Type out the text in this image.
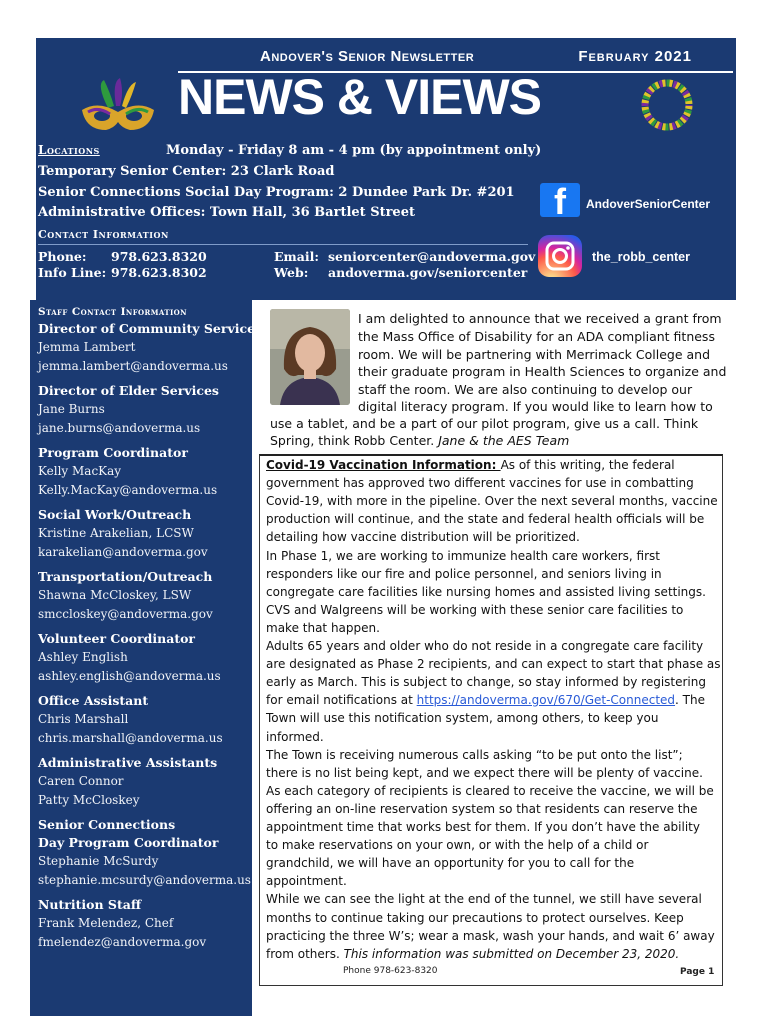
Andover's Senior Newsletter	February 2021
NEWS & VIEWS
Locations	Monday - Friday 8 am - 4 pm (by appointment only)
Temporary Senior Center: 23 Clark Road
Senior Connections Social Day Program: 2 Dundee Park Dr. #201
Administrative Offices: Town Hall, 36 Bartlet Street
Contact Information
Phone: 978.623.8320
Info Line: 978.623.8302
Email: seniorcenter@andoverma.gov
Web: andoverma.gov/seniorcenter
f AndoverSeniorCenter
the_robb_center
Staff Contact Information
Director of Community Services
Jemma Lambert
jemma.lambert@andoverma.us
Director of Elder Services
Jane Burns
jane.burns@andoverma.us
Program Coordinator
Kelly MacKay
Kelly.MacKay@andoverma.us
Social Work/Outreach
Kristine Arakelian, LCSW
karakelian@andoverma.gov
Transportation/Outreach
Shawna McCloskey, LSW
smccloskey@andoverma.gov
Volunteer Coordinator
Ashley English
ashley.english@andoverma.us
Office Assistant
Chris Marshall
chris.marshall@andoverma.us
Administrative Assistants
Caren Connor
Patty McCloskey
Senior Connections
Day Program Coordinator
Stephanie McSurdy
stephanie.mcsurdy@andoverma.us
Nutrition Staff
Frank Melendez, Chef
fmelendez@andoverma.gov
I am delighted to announce that we received a grant from
the Mass Office of Disability for an ADA compliant fitness
room. We will be partnering with Merrimack College and
their graduate program in Health Sciences to organize and
staff the room. We are also continuing to develop our
digital literacy program. If you would like to learn how to
use a tablet, and be a part of our pilot program, give us a call. Think
Spring, think Robb Center. Jane & the AES Team
Covid-19 Vaccination Information: As of this writing, the federal
government has approved two different vaccines for use in combatting
Covid-19, with more in the pipeline. Over the next several months, vaccine
production will continue, and the state and federal health officials will be
detailing how vaccine distribution will be prioritized.
In Phase 1, we are working to immunize health care workers, first
responders like our fire and police personnel, and seniors living in
congregate care facilities like nursing homes and assisted living settings.
CVS and Walgreens will be working with these senior care facilities to
make that happen.
Adults 65 years and older who do not reside in a congregate care facility
are designated as Phase 2 recipients, and can expect to start that phase as
early as March. This is subject to change, so stay informed by registering
for email notifications at https://andoverma.gov/670/Get-Connected. The
Town will use this notification system, among others, to keep you
informed.
The Town is receiving numerous calls asking “to be put onto the list”;
there is no list being kept, and we expect there will be plenty of vaccine.
As each category of recipients is cleared to receive the vaccine, we will be
offering an on-line reservation system so that residents can reserve the
appointment time that works best for them. If you don’t have the ability
to make reservations on your own, or with the help of a child or
grandchild, we will have an opportunity for you to call for the
appointment.
While we can see the light at the end of the tunnel, we still have several
months to continue taking our precautions to protect ourselves. Keep
practicing the three W’s; wear a mask, wash your hands, and wait 6’ away
from others. This information was submitted on December 23, 2020.
Phone 978-623-8320	Page 1
